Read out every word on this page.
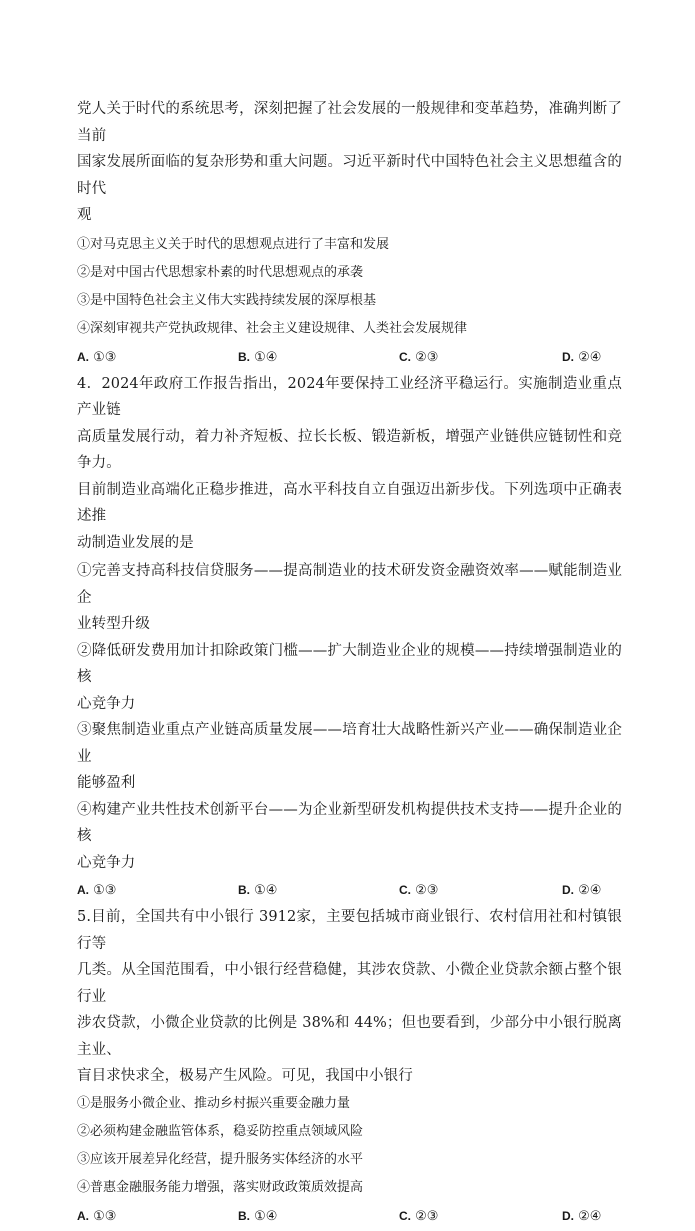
党人关于时代的系统思考，深刻把握了社会发展的一般规律和变革趋势，准确判断了当前

国家发展所面临的复杂形势和重大问题。习近平新时代中国特色社会主义思想蕴含的时代

观

①对马克思主义关于时代的思想观点进行了丰富和发展

②是对中国古代思想家朴素的时代思想观点的承袭

③是中国特色社会主义伟大实践持续发展的深厚根基

④深刻审视共产党执政规律、社会主义建设规律、人类社会发展规律

A. ①③	B. ①④	C. ②③	D. ②④

4．2024年政府工作报告指出，2024年要保持工业经济平稳运行。实施制造业重点产业链

高质量发展行动，着力补齐短板、拉长长板、锻造新板，增强产业链供应链韧性和竞争力。

目前制造业高端化正稳步推进，高水平科技自立自强迈出新步伐。下列选项中正确表述推

动制造业发展的是

①完善支持高科技信贷服务——提高制造业的技术研发资金融资效率——赋能制造业企

业转型升级

②降低研发费用加计扣除政策门槛——扩大制造业企业的规模——持续增强制造业的核

心竞争力

③聚焦制造业重点产业链高质量发展——培育壮大战略性新兴产业——确保制造业企业

能够盈利

④构建产业共性技术创新平台——为企业新型研发机构提供技术支持——提升企业的核

心竞争力

A. ①③	B. ①④	C. ②③	D. ②④

5.目前，全国共有中小银行 3912家，主要包括城市商业银行、农村信用社和村镇银行等

几类。从全国范围看，中小银行经营稳健，其涉农贷款、小微企业贷款余额占整个银行业

涉农贷款，小微企业贷款的比例是 38%和 44%；但也要看到，少部分中小银行脱离主业、

盲目求快求全，极易产生风险。可见，我国中小银行

①是服务小微企业、推动乡村振兴重要金融力量

②必须构建金融监管体系，稳妥防控重点领域风险

③应该开展差异化经营，提升服务实体经济的水平

④普惠金融服务能力增强，落实财政政策质效提高

A. ①③	B. ①④	C. ②③	D. ②④
